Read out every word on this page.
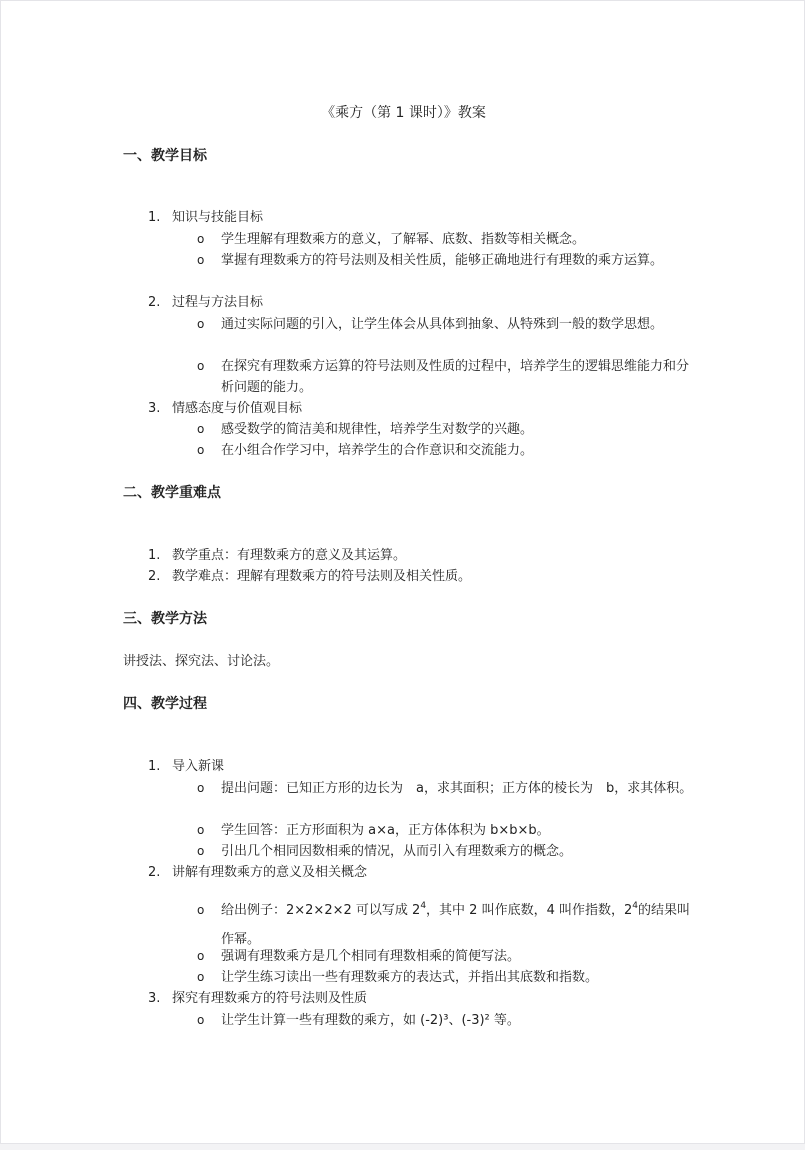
《乘方（第 1 课时）》教案
一、教学目标
1. 知识与技能目标
o	学生理解有理数乘方的意义，了解幂、底数、指数等相关概念。
o	掌握有理数乘方的符号法则及相关性质，能够正确地进行有理数的乘方运算。
2. 过程与方法目标
o	通过实际问题的引入，让学生体会从具体到抽象、从特殊到一般的数学思想。
o	在探究有理数乘方运算的符号法则及性质的过程中，培养学生的逻辑思维能力和分析问题的能力。
3. 情感态度与价值观目标
o	感受数学的简洁美和规律性，培养学生对数学的兴趣。
o	在小组合作学习中，培养学生的合作意识和交流能力。
二、教学重难点
1. 教学重点：有理数乘方的意义及其运算。
2. 教学难点：理解有理数乘方的符号法则及相关性质。
三、教学方法
讲授法、探究法、讨论法。
四、教学过程
1. 导入新课
o	提出问题：已知正方形的边长为　a，求其面积；正方体的棱长为　b，求其体积。
o	学生回答：正方形面积为 a×a，正方体体积为 b×b×b。
o	引出几个相同因数相乘的情况，从而引入有理数乘方的概念。
2. 讲解有理数乘方的意义及相关概念
o	给出例子：2×2×2×2 可以写成 $2^4$，其中 2 叫作底数，4 叫作指数，$2^4$的结果叫作幂。
o	强调有理数乘方是几个相同有理数相乘的简便写法。
o	让学生练习读出一些有理数乘方的表达式，并指出其底数和指数。
3. 探究有理数乘方的符号法则及性质
o	让学生计算一些有理数的乘方，如 (-2)³、(-3)² 等。
